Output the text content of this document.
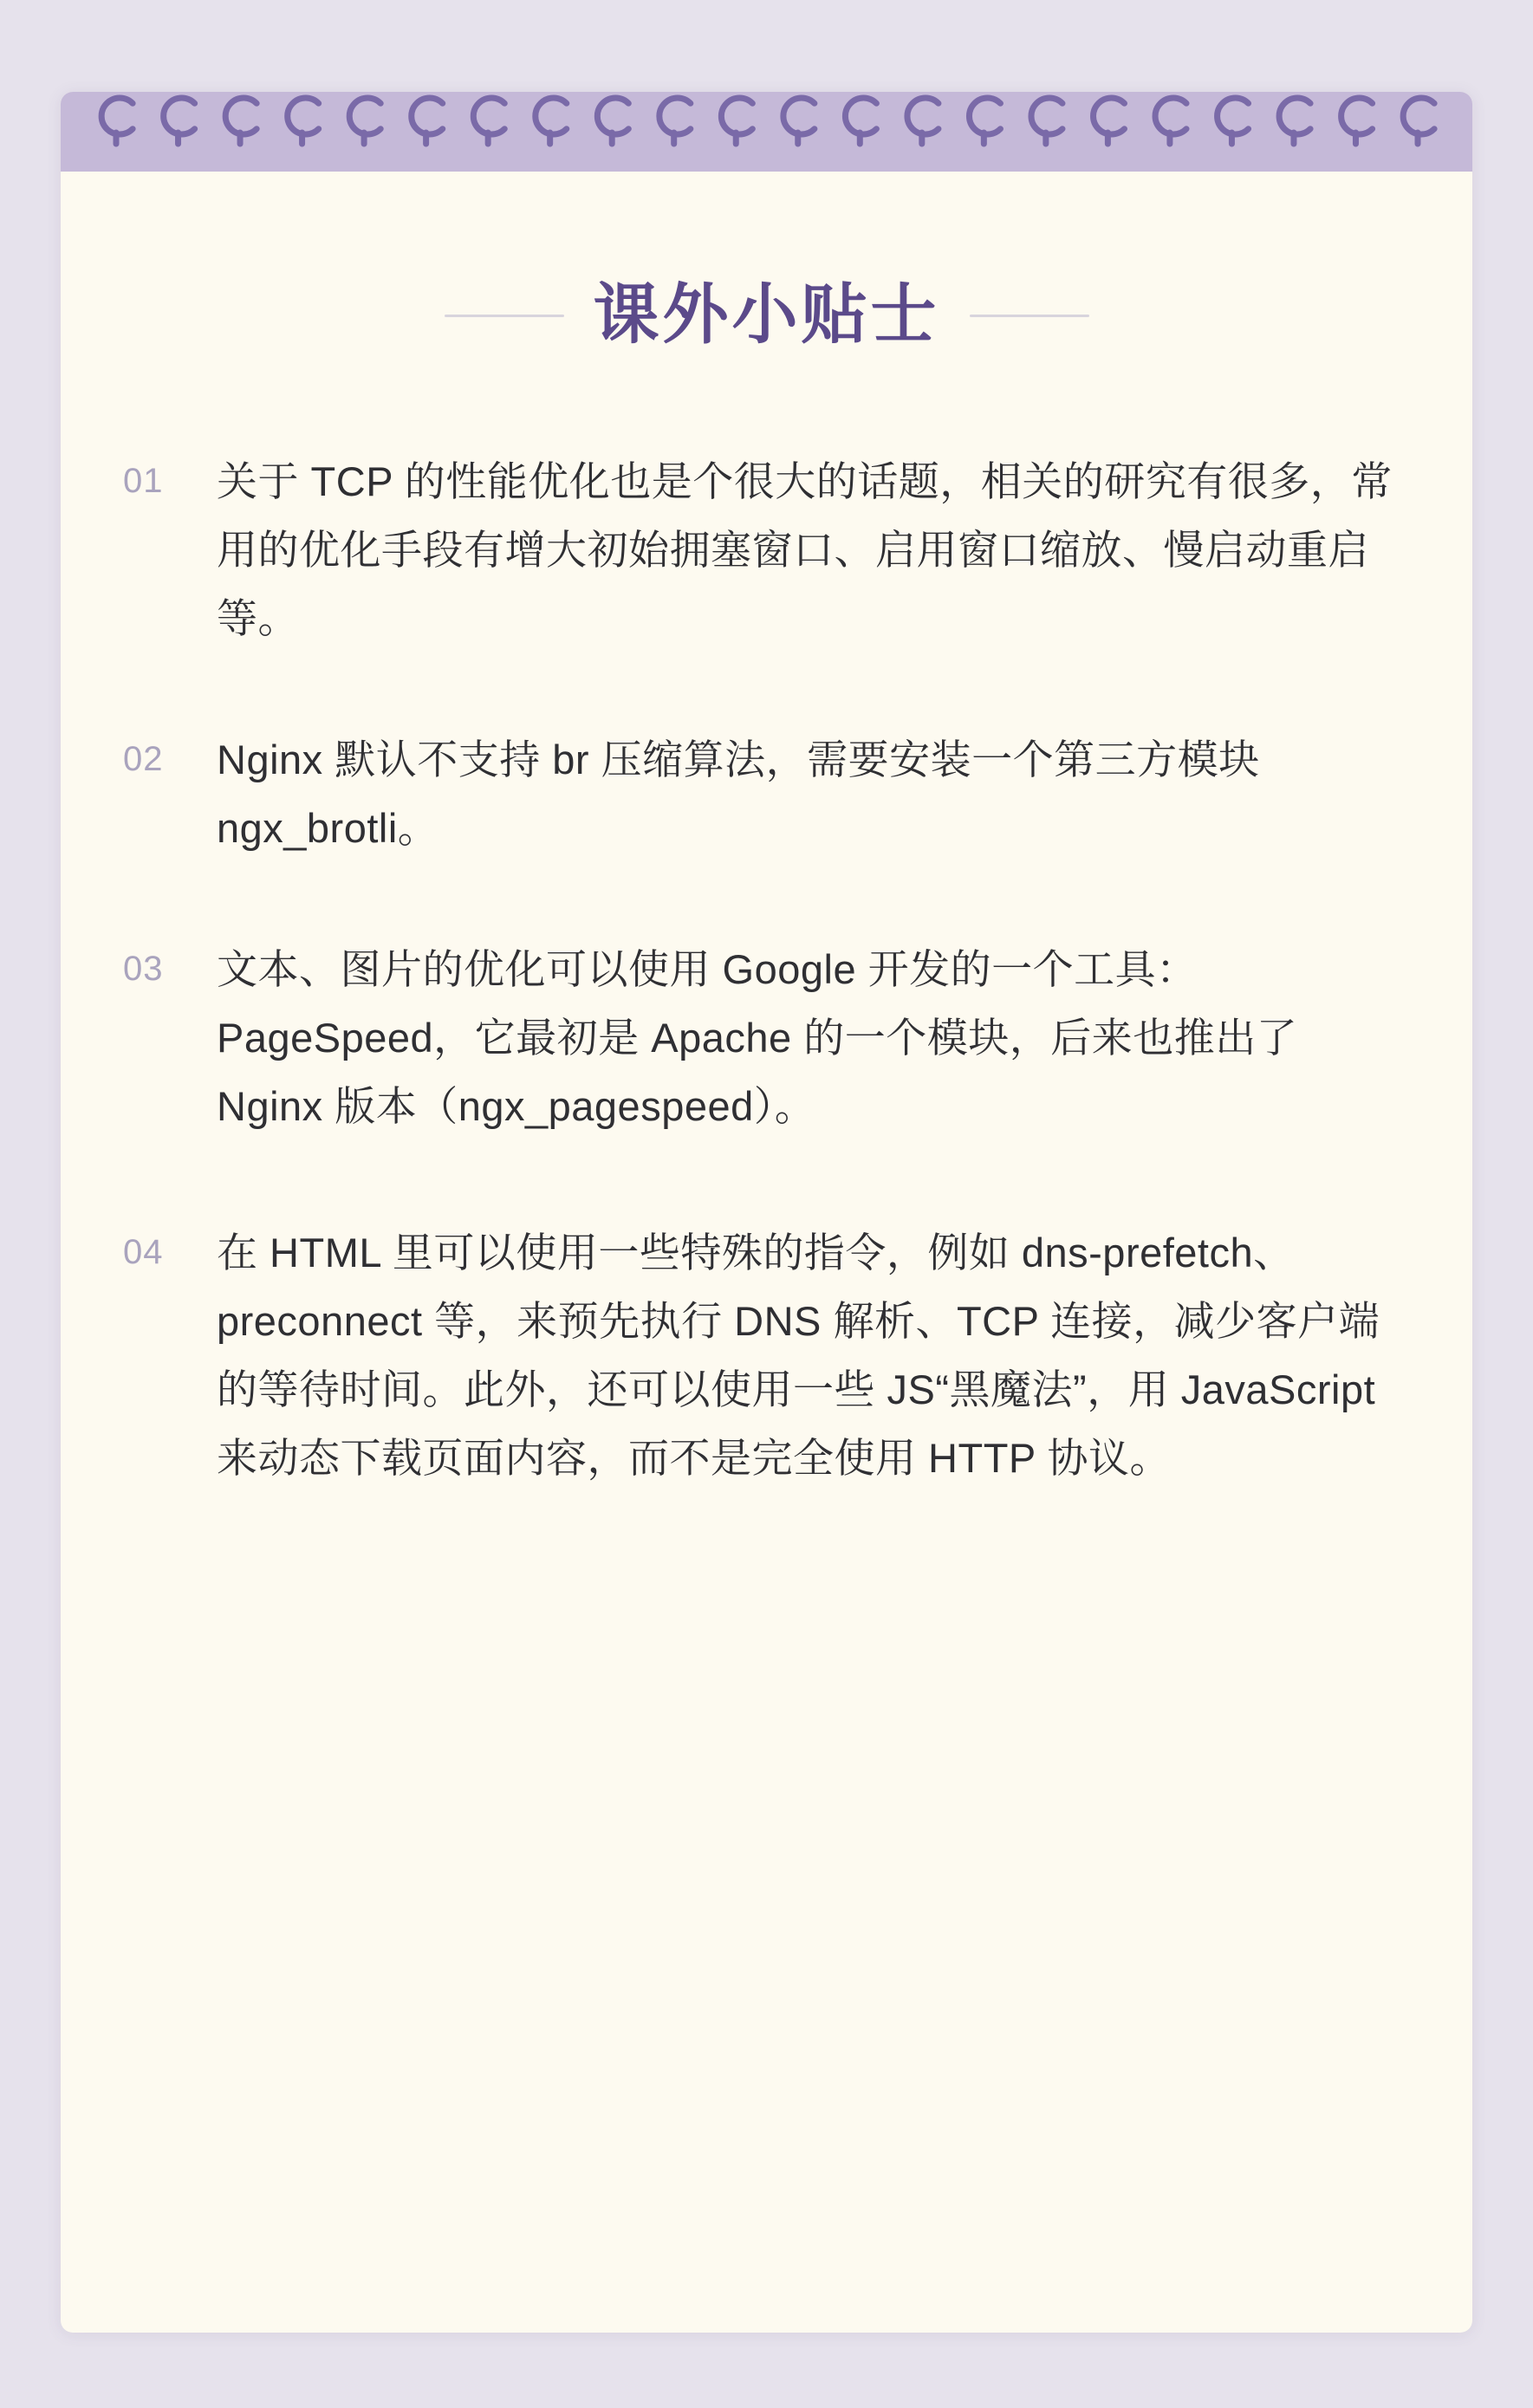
课外小贴士
01	关于 TCP 的性能优化也是个很大的话题，相关的研究有很多，常用的优化手段有增大初始拥塞窗口、启用窗口缩放、慢启动重启等。
02	Nginx 默认不支持 br 压缩算法，需要安装一个第三方模块 ngx_brotli。
03	文本、图片的优化可以使用 Google 开发的一个工具：PageSpeed，它最初是 Apache 的一个模块，后来也推出了 Nginx 版本（ngx_pagespeed）。
04	在 HTML 里可以使用一些特殊的指令，例如 dns-prefetch、preconnect 等，来预先执行 DNS 解析、TCP 连接，减少客户端的等待时间。此外，还可以使用一些 JS“黑魔法”，用 JavaScript 来动态下载页面内容，而不是完全使用 HTTP 协议。
